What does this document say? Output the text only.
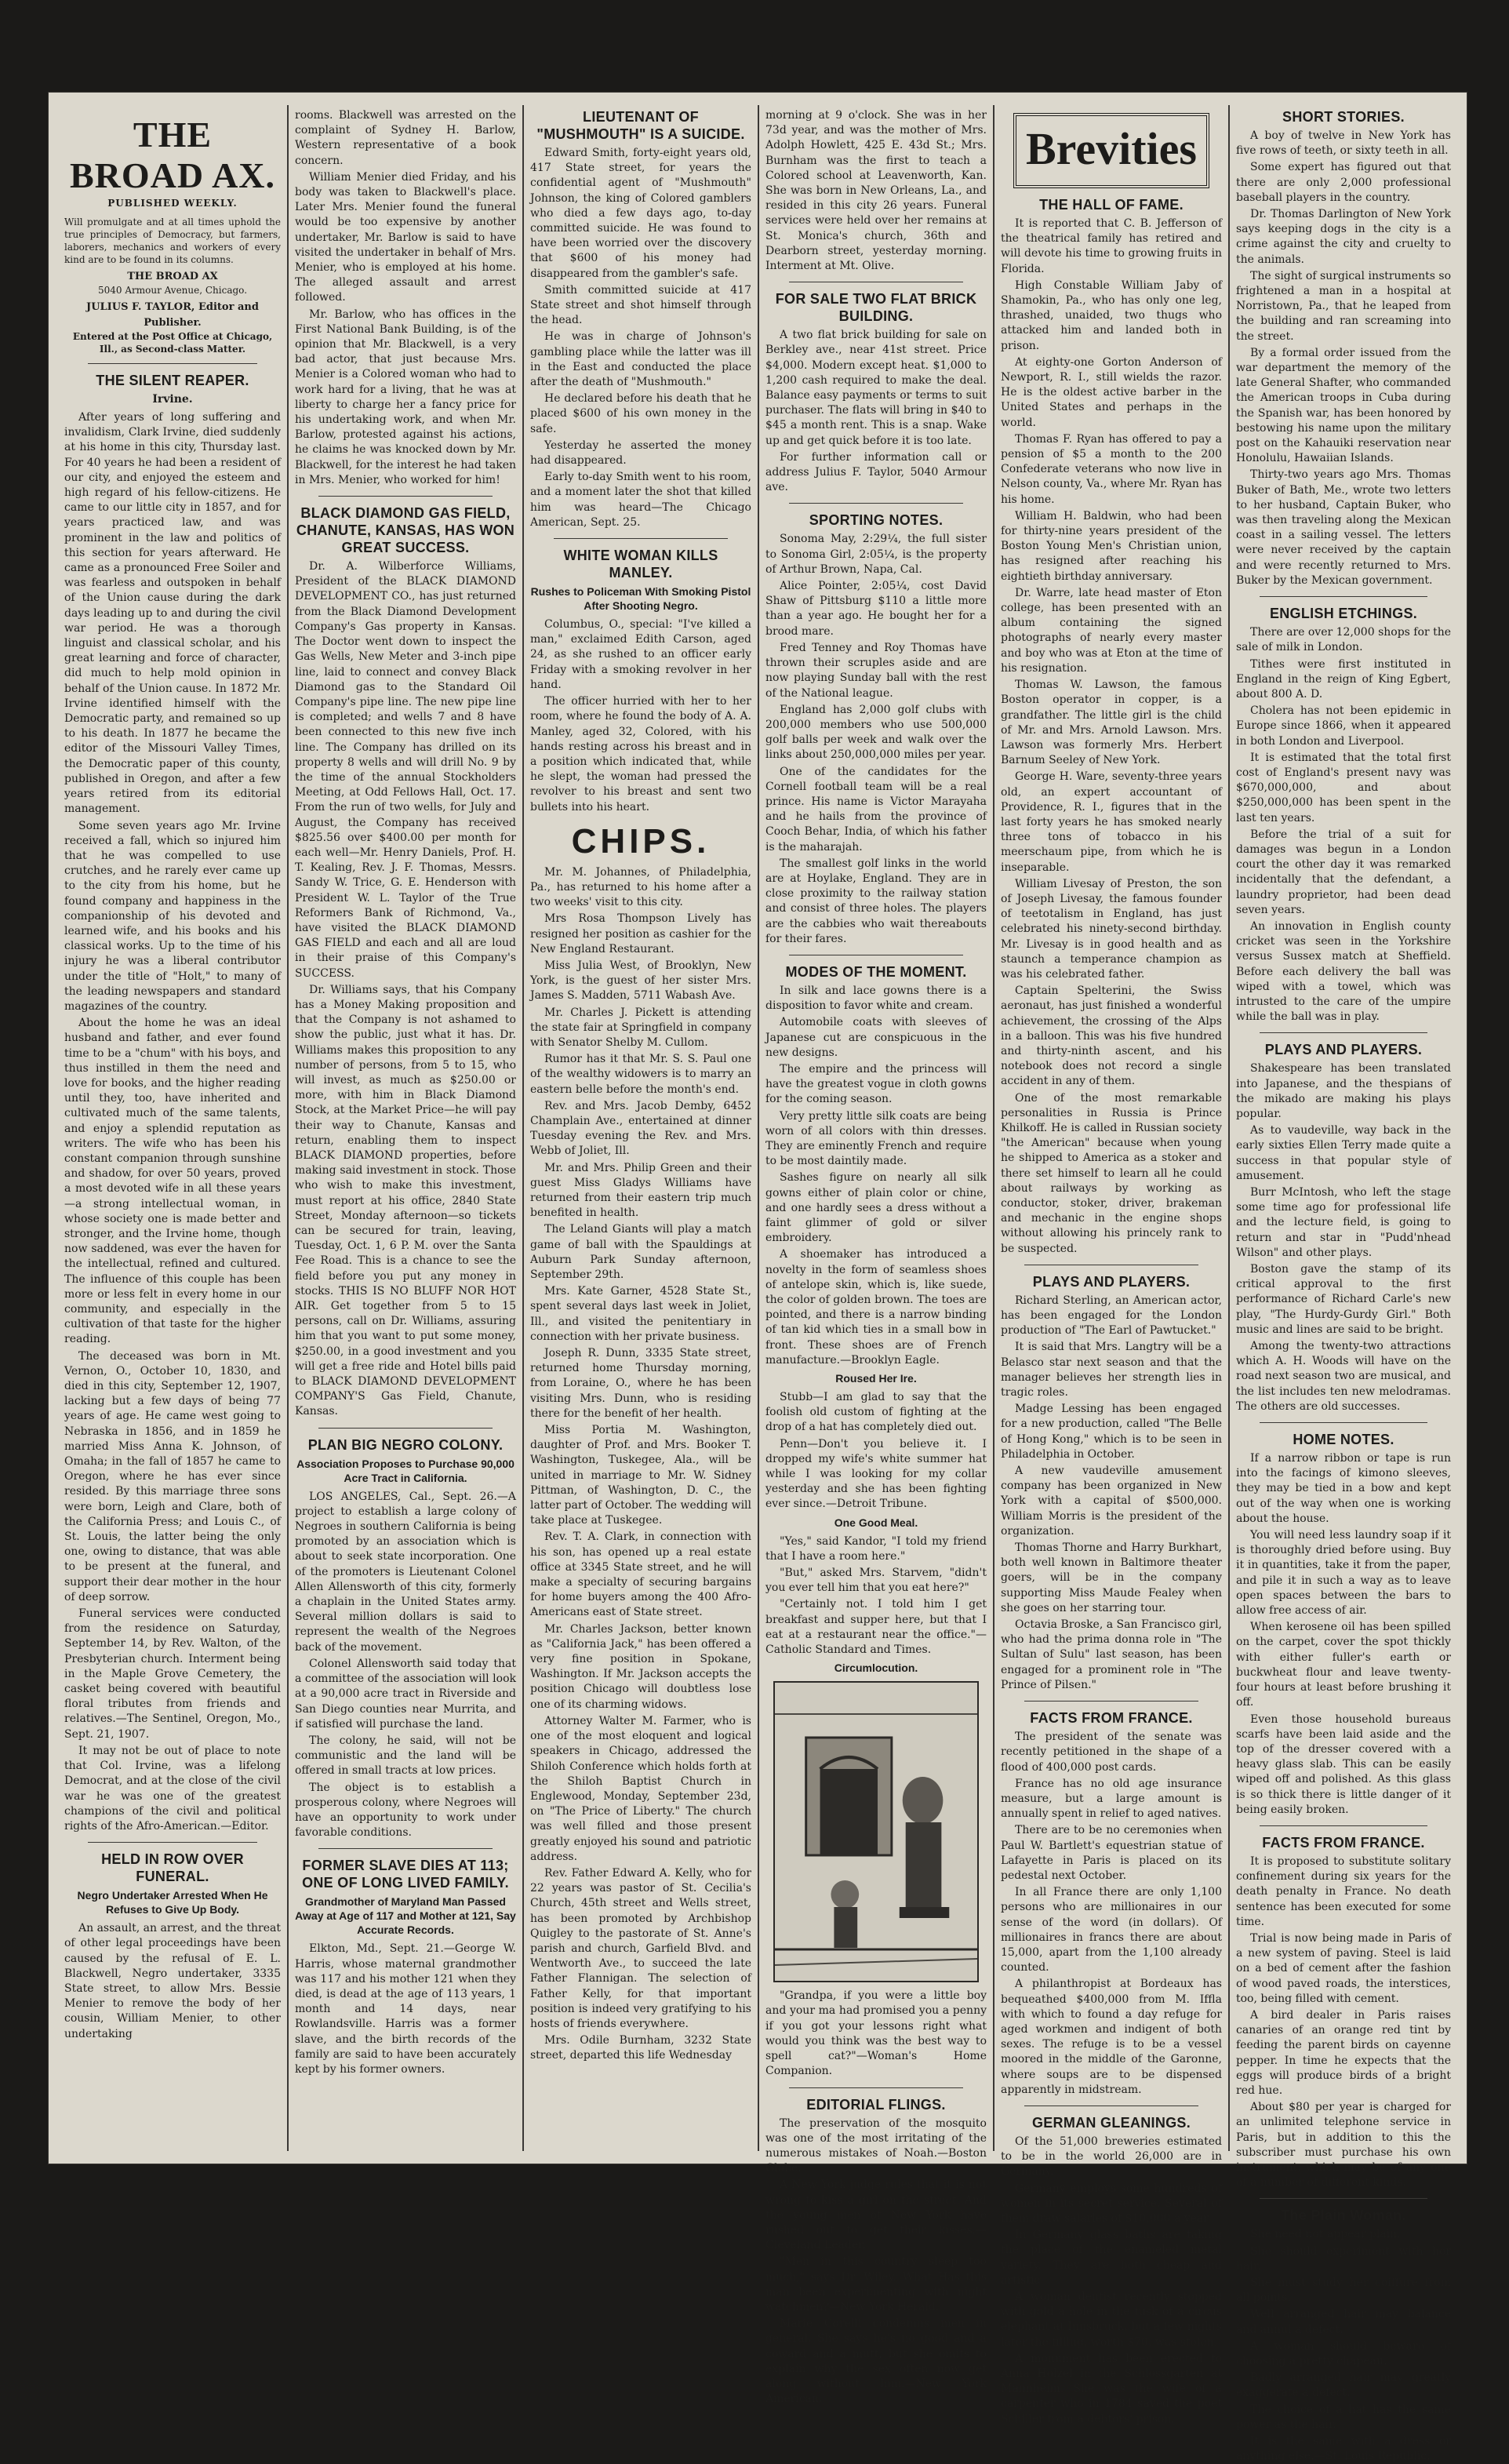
THE BROAD AX.
PUBLISHED WEEKLY.
Will promulgate and at all times uphold the true principles of Democracy, but farmers, laborers, mechanics and workers of every kind are to be found in its columns.
THE BROAD AX
5040 Armour Avenue, Chicago.
JULIUS F. TAYLOR, Editor and Publisher.
Entered at the Post Office at Chicago, Ill., as Second-class Matter.
THE SILENT REAPER.
Irvine.

After years of long suffering and invalidism, Clark Irvine, died suddenly at his home in this city, Thursday last. For 40 years he had been a resident of our city, and enjoyed the esteem and high regard of his fellow-citizens. He came to our little city in 1857, and for years practiced law, and was prominent in the law and politics of this section for years afterward. He came as a pronounced Free Soiler and was fearless and outspoken in behalf of the Union cause during the dark days leading up to and during the civil war period. He was a thorough linguist and classical scholar, and his great learning and force of character, did much to help mold opinion in behalf of the Union cause. In 1872 Mr. Irvine identified himself with the Democratic party, and remained so up to his death. In 1877 he became the editor of the Missouri Valley Times, the Democratic paper of this county, published in Oregon, and after a few years retired from its editorial management.

Some seven years ago Mr. Irvine received a fall, which so injured him that he was compelled to use crutches, and he rarely ever came up to the city from his home, but he found company and happiness in the companionship of his devoted and learned wife, and his books and his classical works. Up to the time of his injury he was a liberal contributor under the title of "Holt," to many of the leading newspapers and standard magazines of the country.

About the home he was an ideal husband and father, and ever found time to be a "chum" with his boys, and thus instilled in them the need and love for books, and the higher reading until they, too, have inherited and cultivated much of the same talents, and enjoy a splendid reputation as writers. The wife who has been his constant companion through sunshine and shadow, for over 50 years, proved a most devoted wife in all these years—a strong intellectual woman, in whose society one is made better and stronger, and the Irvine home, though now saddened, was ever the haven for the intellectual, refined and cultured. The influence of this couple has been more or less felt in every home in our community, and especially in the cultivation of that taste for the higher reading.

The deceased was born in Mt. Vernon, O., October 10, 1830, and died in this city, September 12, 1907, lacking but a few days of being 77 years of age. He came west going to Nebraska in 1856, and in 1859 he married Miss Anna K. Johnson, of Omaha; in the fall of 1857 he came to Oregon, where he has ever since resided. By this marriage three sons were born, Leigh and Clare, both of the California Press; and Louis C., of St. Louis, the latter being the only one, owing to distance, that was able to be present at the funeral, and support their dear mother in the hour of deep sorrow.

Funeral services were conducted from the residence on Saturday, September 14, by Rev. Walton, of the Presbyterian church. Interment being in the Maple Grove Cemetery, the casket being covered with beautiful floral tributes from friends and relatives.—The Sentinel, Oregon, Mo., Sept. 21, 1907.

It may not be out of place to note that Col. Irvine, was a lifelong Democrat, and at the close of the civil war he was one of the greatest champions of the civil and political rights of the Afro-American.—Editor.

HELD IN ROW OVER FUNERAL.
Negro Undertaker Arrested When He Refuses to Give Up Body.

An assault, an arrest, and the threat of other legal proceedings have been caused by the refusal of E. L. Blackwell, Negro undertaker, 3335 State street, to allow Mrs. Bessie Menier to remove the body of her cousin, William Menier, to other undertaking

rooms. Blackwell was arrested on the complaint of Sydney H. Barlow, Western representative of a book concern.

William Menier died Friday, and his body was taken to Blackwell's place. Later Mrs. Menier found the funeral would be too expensive by another undertaker, Mr. Barlow is said to have visited the undertaker in behalf of Mrs. Menier, who is employed at his home. The alleged assault and arrest followed.

Mr. Barlow, who has offices in the First National Bank Building, is of the opinion that Mr. Blackwell, is a very bad actor, that just because Mrs. Menier is a Colored woman who had to work hard for a living, that he was at liberty to charge her a fancy price for his undertaking work, and when Mr. Barlow, protested against his actions, he claims he was knocked down by Mr. Blackwell, for the interest he had taken in Mrs. Menier, who worked for him!

BLACK DIAMOND GAS FIELD, CHANUTE, KANSAS, HAS WON GREAT SUCCESS.

Dr. A. Wilberforce Williams, President of the BLACK DIAMOND DEVELOPMENT CO., has just returned from the Black Diamond Development Company's Gas property in Kansas. The Doctor went down to inspect the Gas Wells, New Meter and 3-inch pipe line, laid to connect and convey Black Diamond gas to the Standard Oil Company's pipe line. The new pipe line is completed; and wells 7 and 8 have been connected to this new five inch line. The Company has drilled on its property 8 wells and will drill No. 9 by the time of the annual Stockholders Meeting, at Odd Fellows Hall, Oct. 17. From the run of two wells, for July and August, the Company has received $825.56 over $400.00 per month for each well—Mr. Henry Daniels, Prof. H. T. Kealing, Rev. J. F. Thomas, Messrs. Sandy W. Trice, G. E. Henderson with President W. L. Taylor of the True Reformers Bank of Richmond, Va., have visited the BLACK DIAMOND GAS FIELD and each and all are loud in their praise of this Company's SUCCESS.

Dr. Williams says, that his Company has a Money Making proposition and that the Company is not ashamed to show the public, just what it has. Dr. Williams makes this proposition to any number of persons, from 5 to 15, who will invest, as much as $250.00 or more, with him in Black Diamond Stock, at the Market Price—he will pay their way to Chanute, Kansas and return, enabling them to inspect BLACK DIAMOND properties, before making said investment in stock. Those who wish to make this investment, must report at his office, 2840 State Street, Monday afternoon—so tickets can be secured for train, leaving, Tuesday, Oct. 1, 6 P. M. over the Santa Fee Road. This is a chance to see the field before you put any money in stocks. THIS IS NO BLUFF NOR HOT AIR. Get together from 5 to 15 persons, call on Dr. Williams, assuring him that you want to put some money, $250.00, in a good investment and you will get a free ride and Hotel bills paid to BLACK DIAMOND DEVELOPMENT COMPANY'S Gas Field, Chanute, Kansas.

PLAN BIG NEGRO COLONY.
Association Proposes to Purchase 90,000 Acre Tract in California.

LOS ANGELES, Cal., Sept. 26.—A project to establish a large colony of Negroes in southern California is being promoted by an association which is about to seek state incorporation. One of the promoters is Lieutenant Colonel Allen Allensworth of this city, formerly a chaplain in the United States army. Several million dollars is said to represent the wealth of the Negroes back of the movement.

Colonel Allensworth said today that a committee of the association will look at a 90,000 acre tract in Riverside and San Diego counties near Murrita, and if satisfied will purchase the land.

The colony, he said, will not be communistic and the land will be offered in small tracts at low prices.

The object is to establish a prosperous colony, where Negroes will have an opportunity to work under favorable conditions.

FORMER SLAVE DIES AT 113; ONE OF LONG LIVED FAMILY.
Grandmother of Maryland Man Passed Away at Age of 117 and Mother at 121, Say Accurate Records.

Elkton, Md., Sept. 21.—George W. Harris, whose maternal grandmother was 117 and his mother 121 when they died, is dead at the age of 113 years, 1 month and 14 days, near Rowlandsville. Harris was a former slave, and the birth records of the family are said to have been accurately kept by his former owners.

LIEUTENANT OF "MUSHMOUTH" IS A SUICIDE.

Edward Smith, forty-eight years old, 417 State street, for years the confidential agent of "Mushmouth" Johnson, the king of Colored gamblers who died a few days ago, to-day committed suicide. He was found to have been worried over the discovery that $600 of his money had disappeared from the gambler's safe.

Smith committed suicide at 417 State street and shot himself through the head.

He was in charge of Johnson's gambling place while the latter was ill in the East and conducted the place after the death of "Mushmouth."

He declared before his death that he placed $600 of his own money in the safe.

Yesterday he asserted the money had disappeared.

Early to-day Smith went to his room, and a moment later the shot that killed him was heard—The Chicago American, Sept. 25.

WHITE WOMAN KILLS MANLEY.
Rushes to Policeman With Smoking Pistol After Shooting Negro.

Columbus, O., special: "I've killed a man," exclaimed Edith Carson, aged 24, as she rushed to an officer early Friday with a smoking revolver in her hand.

The officer hurried with her to her room, where he found the body of A. A. Manley, aged 32, Colored, with his hands resting across his breast and in a position which indicated that, while he slept, the woman had pressed the revolver to his breast and sent two bullets into his heart.

CHIPS.

Mr. M. Johannes, of Philadelphia, Pa., has returned to his home after a two weeks' visit to this city.

Mrs Rosa Thompson Lively has resigned her position as cashier for the New England Restaurant.

Miss Julia West, of Brooklyn, New York, is the guest of her sister Mrs. James S. Madden, 5711 Wabash Ave.

Mr. Charles J. Pickett is attending the state fair at Springfield in company with Senator Shelby M. Cullom.

Rumor has it that Mr. S. S. Paul one of the wealthy widowers is to marry an eastern belle before the month's end.

Rev. and Mrs. Jacob Demby, 6452 Champlain Ave., entertained at dinner Tuesday evening the Rev. and Mrs. Webb of Joliet, Ill.

Mr. and Mrs. Philip Green and their guest Miss Gladys Williams have returned from their eastern trip much benefited in health.

The Leland Giants will play a match game of ball with the Spauldings at Auburn Park Sunday afternoon, September 29th.

Mrs. Kate Garner, 4528 State St., spent several days last week in Joliet, Ill., and visited the penitentiary in connection with her private business.

Joseph R. Dunn, 3335 State street, returned home Thursday morning, from Loraine, O., where he has been visiting Mrs. Dunn, who is residing there for the benefit of her health.

Miss Portia M. Washington, daughter of Prof. and Mrs. Booker T. Washington, Tuskegee, Ala., will be united in marriage to Mr. W. Sidney Pittman, of Washington, D. C., the latter part of October. The wedding will take place at Tuskegee.

Rev. T. A. Clark, in connection with his son, has opened up a real estate office at 3345 State street, and he will make a specialty of securing bargains for home buyers among the 400 Afro-Americans east of State street.

Mr. Charles Jackson, better known as "California Jack," has been offered a very fine position in Spokane, Washington. If Mr. Jackson accepts the position Chicago will doubtless lose one of its charming widows.

Attorney Walter M. Farmer, who is one of the most eloquent and logical speakers in Chicago, addressed the Shiloh Conference which holds forth at the Shiloh Baptist Church in Englewood, Monday, September 23d, on "The Price of Liberty." The church was well filled and those present greatly enjoyed his sound and patriotic address.

Rev. Father Edward A. Kelly, who for 22 years was pastor of St. Cecilia's Church, 45th street and Wells street, has been promoted by Archbishop Quigley to the pastorate of St. Anne's parish and church, Garfield Blvd. and Wentworth Ave., to succeed the late Father Flannigan. The selection of Father Kelly, for that important position is indeed very gratifying to his hosts of friends everywhere.

Mrs. Odile Burnham, 3232 State street, departed this life Wednesday

morning at 9 o'clock. She was in her 73d year, and was the mother of Mrs. Adolph Howlett, 425 E. 43d St.; Mrs. Burnham was the first to teach a Colored school at Leavenworth, Kan. She was born in New Orleans, La., and resided in this city 26 years. Funeral services were held over her remains at St. Monica's church, 36th and Dearborn street, yesterday morning. Interment at Mt. Olive.

FOR SALE TWO FLAT BRICK BUILDING.

A two flat brick building for sale on Berkley ave., near 41st street. Price $4,000. Modern except heat. $1,000 to 1,200 cash required to make the deal. Balance easy payments or terms to suit purchaser. The flats will bring in $40 to $45 a month rent. This is a snap. Wake up and get quick before it is too late.

For further information call or address Julius F. Taylor, 5040 Armour ave.

SPORTING NOTES.

Sonoma May, 2:29¼, the full sister to Sonoma Girl, 2:05¼, is the property of Arthur Brown, Napa, Cal.

Alice Pointer, 2:05¼, cost David Shaw of Pittsburg $110 a little more than a year ago. He bought her for a brood mare.

Fred Tenney and Roy Thomas have thrown their scruples aside and are now playing Sunday ball with the rest of the National league.

England has 2,000 golf clubs with 200,000 members who use 500,000 golf balls per week and walk over the links about 250,000,000 miles per year.

One of the candidates for the Cornell football team will be a real prince. His name is Victor Marayaha and he hails from the province of Cooch Behar, India, of which his father is the maharajah.

The smallest golf links in the world are at Hoylake, England. They are in close proximity to the railway station and consist of three holes. The players are the cabbies who wait thereabouts for their fares.

MODES OF THE MOMENT.

In silk and lace gowns there is a disposition to favor white and cream.

Automobile coats with sleeves of Japanese cut are conspicuous in the new designs.

The empire and the princess will have the greatest vogue in cloth gowns for the coming season.

Very pretty little silk coats are being worn of all colors with thin dresses. They are eminently French and require to be most daintily made.

Sashes figure on nearly all silk gowns either of plain color or chine, and one hardly sees a dress without a faint glimmer of gold or silver embroidery.

A shoemaker has introduced a novelty in the form of seamless shoes of antelope skin, which is, like suede, the color of golden brown. The toes are pointed, and there is a narrow binding of tan kid which ties in a small bow in front. These shoes are of French manufacture.—Brooklyn Eagle.

Roused Her Ire.

Stubb—I am glad to say that the foolish old custom of fighting at the drop of a hat has completely died out.

Penn—Don't you believe it. I dropped my wife's white summer hat while I was looking for my collar yesterday and she has been fighting ever since.—Detroit Tribune.

One Good Meal.

"Yes," said Kandor, "I told my friend that I have a room here."

"But," asked Mrs. Starvem, "didn't you ever tell him that you eat here?"

"Certainly not. I told him I get breakfast and supper here, but that I eat at a restaurant near the office."—Catholic Standard and Times.

Circumlocution.

"Grandpa, if you were a little boy and your ma had promised you a penny if you got your lessons right what would you think was the best way to spell cat?"—Woman's Home Companion.

EDITORIAL FLINGS.

The preservation of the mosquito was one of the most irritating of the numerous mistakes of Noah.—Boston Globe.

A New York judge rules that it is not wrong to kiss a girl on the street. And the young men of New York have rushed out to get their kisses.—Cleveland Leader.

"Men in this country sleep too much," says Dr. Wiley. What Has this man been experimenting with night watchmen?—New York Herald.

Marie Corelli condemns men in general. She says he's no good and a coward and a mutt, but she omits to explain why the sex often now get along without him.—New York American.

Brevities
THE HALL OF FAME.

It is reported that C. B. Jefferson of the theatrical family has retired and will devote his time to growing fruits in Florida.

High Constable William Jaby of Shamokin, Pa., who has only one leg, thrashed, unaided, two thugs who attacked him and landed both in prison.

At eighty-one Gorton Anderson of Newport, R. I., still wields the razor. He is the oldest active barber in the United States and perhaps in the world.

Thomas F. Ryan has offered to pay a pension of $5 a month to the 200 Confederate veterans who now live in Nelson county, Va., where Mr. Ryan has his home.

William H. Baldwin, who had been for thirty-nine years president of the Boston Young Men's Christian union, has resigned after reaching his eightieth birthday anniversary.

Dr. Warre, late head master of Eton college, has been presented with an album containing the signed photographs of nearly every master and boy who was at Eton at the time of his resignation.

Thomas W. Lawson, the famous Boston operator in copper, is a grandfather. The little girl is the child of Mr. and Mrs. Arnold Lawson. Mrs. Lawson was formerly Mrs. Herbert Barnum Seeley of New York.

George H. Ware, seventy-three years old, an expert accountant of Providence, R. I., figures that in the last forty years he has smoked nearly three tons of tobacco in his meerschaum pipe, from which he is inseparable.

William Livesay of Preston, the son of Joseph Livesay, the famous founder of teetotalism in England, has just celebrated his ninety-second birthday. Mr. Livesay is in good health and as staunch a temperance champion as was his celebrated father.

Captain Spelterini, the Swiss aeronaut, has just finished a wonderful achievement, the crossing of the Alps in a balloon. This was his five hundred and thirty-ninth ascent, and his notebook does not record a single accident in any of them.

One of the most remarkable personalities in Russia is Prince Khilkoff. He is called in Russian society "the American" because when young he shipped to America as a stoker and there set himself to learn all he could about railways by working as conductor, stoker, driver, brakeman and mechanic in the engine shops without allowing his princely rank to be suspected.

PLAYS AND PLAYERS.

Richard Sterling, an American actor, has been engaged for the London production of "The Earl of Pawtucket."

It is said that Mrs. Langtry will be a Belasco star next season and that the manager believes her strength lies in tragic roles.

Madge Lessing has been engaged for a new production, called "The Belle of Hong Kong," which is to be seen in Philadelphia in October.

A new vaudeville amusement company has been organized in New York with a capital of $500,000. William Morris is the president of the organization.

Thomas Thorne and Harry Burkhart, both well known in Baltimore theater goers, will be in the company supporting Miss Maude Fealey when she goes on her starring tour.

Octavia Broske, a San Francisco girl, who had the prima donna role in "The Sultan of Sulu" last season, has been engaged for a prominent role in "The Prince of Pilsen."

FACTS FROM FRANCE.

The president of the senate was recently petitioned in the shape of a flood of 400,000 post cards.

France has no old age insurance measure, but a large amount is annually spent in relief to aged natives.

There are to be no ceremonies when Paul W. Bartlett's equestrian statue of Lafayette in Paris is placed on its pedestal next October.

In all France there are only 1,100 persons who are millionaires in our sense of the word (in dollars). Of millionaires in francs there are about 15,000, apart from the 1,100 already counted.

A philanthropist at Bordeaux has bequeathed $400,000 from M. Iffla with which to found a day refuge for aged workmen and indigent of both sexes. The refuge is to be a vessel moored in the middle of the Garonne, where soups are to be dispensed apparently in midstream.

GERMAN GLEANINGS.

Of the 51,000 breweries estimated to be in the world 26,000 are in Germany.

Germany employs some hundreds of women in its secret service. Several of them draw salaries of $10,000 a year.

In Germany glass baths are taking the place of the enameled metal variety. They are both cheap and artistic.

A woman dentist recently stopped with gold a hole in the tusk of a circus elephant at Innsbruck, but a few nights later the filling, worth $70, was stolen.

A monument has been erected to Anna Holzel in the Schlossgarten at Mannheim. She was the wife of a carpenter who in 1784 saved the poet Schiller from a debtors' prison.

SHORT STORIES.

A boy of twelve in New York has five rows of teeth, or sixty teeth in all.

Some expert has figured out that there are only 2,000 professional baseball players in the country.

Dr. Thomas Darlington of New York says keeping dogs in the city is a crime against the city and cruelty to the animals.

The sight of surgical instruments so frightened a man in a hospital at Norristown, Pa., that he leaped from the building and ran screaming into the street.

By a formal order issued from the war department the memory of the late General Shafter, who commanded the American troops in Cuba during the Spanish war, has been honored by bestowing his name upon the military post on the Kahauiki reservation near Honolulu, Hawaiian Islands.

Thirty-two years ago Mrs. Thomas Buker of Bath, Me., wrote two letters to her husband, Captain Buker, who was then traveling along the Mexican coast in a sailing vessel. The letters were never received by the captain and were recently returned to Mrs. Buker by the Mexican government.

ENGLISH ETCHINGS.

There are over 12,000 shops for the sale of milk in London.

Tithes were first instituted in England in the reign of King Egbert, about 800 A. D.

Cholera has not been epidemic in Europe since 1866, when it appeared in both London and Liverpool.

It is estimated that the total first cost of England's present navy was $670,000,000, and about $250,000,000 has been spent in the last ten years.

Before the trial of a suit for damages was begun in a London court the other day it was remarked incidentally that the defendant, a laundry proprietor, had been dead seven years.

An innovation in English county cricket was seen in the Yorkshire versus Sussex match at Sheffield. Before each delivery the ball was wiped with a towel, which was intrusted to the care of the umpire while the ball was in play.

PLAYS AND PLAYERS.

Shakespeare has been translated into Japanese, and the thespians of the mikado are making his plays popular.

As to vaudeville, way back in the early sixties Ellen Terry made quite a success in that popular style of amusement.

Burr McIntosh, who left the stage some time ago for professional life and the lecture field, is going to return and star in "Pudd'nhead Wilson" and other plays.

Boston gave the stamp of its critical approval to the first performance of Richard Carle's new play, "The Hurdy-Gurdy Girl." Both music and lines are said to be bright.

Among the twenty-two attractions which A. H. Woods will have on the road next season two are musical, and the list includes ten new melodramas. The others are old successes.

HOME NOTES.

If a narrow ribbon or tape is run into the facings of kimono sleeves, they may be tied in a bow and kept out of the way when one is working about the house.

You will need less laundry soap if it is thoroughly dried before using. Buy it in quantities, take it from the paper, and pile it in such a way as to leave open spaces between the bars to allow free access of air.

When kerosene oil has been spilled on the carpet, cover the spot thickly with either fuller's earth or buckwheat flour and leave twenty-four hours at least before brushing it off.

Even those household bureaus scarfs have been laid aside and the top of the dresser covered with a heavy glass slab. This can be easily wiped off and polished. As this glass is so thick there is little danger of it being easily broken.

FACTS FROM FRANCE.

It is proposed to substitute solitary confinement during six years for the death penalty in France. No death sentence has been executed for some time.

Trial is now being made in Paris of a new system of paving. Steel is laid on a bed of cement after the fashion of wood paved roads, the interstices, too, being filled with cement.

A bird dealer in Paris raises canaries of an orange red tint by feeding the parent birds on cayenne pepper. In time he expects that the eggs will produce birds of a bright red hue.

About $80 per year is charged for an unlimited telephone service in Paris, but in addition to this the subscriber must purchase his own instrument, which may be of any one of a number of different kinds.

The Plain Woman.

She need not appear plain.

She should experiment with her hair.

She must study her coiffure from all points.

Well arranged hair may balance and annul a defect.

A woman should beware of choosing a pretty chapeau.

Badly arranged hair may greatly exaggerate a defect.

The choice of a hat has the same power as the hair.

It is the same with a dress or anything else.—St. Louis Republic.
